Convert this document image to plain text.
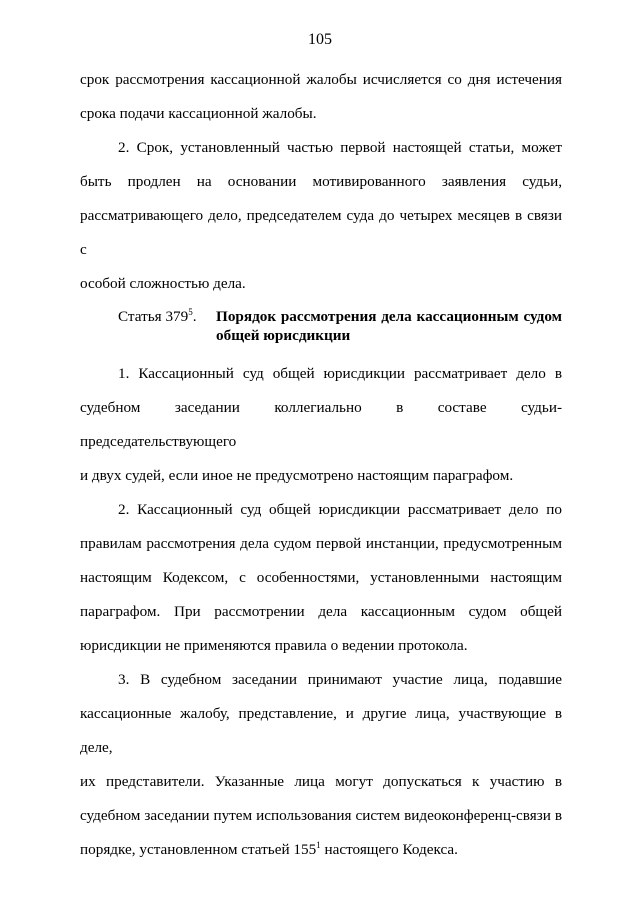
105

срок рассмотрения кассационной жалобы исчисляется со дня истечения
срока подачи кассационной жалобы.

2. Срок, установленный частью первой настоящей статьи, может
быть продлен на основании мотивированного заявления судьи,
рассматривающего дело, председателем суда до четырех месяцев в связи с
особой сложностью дела.

Статья $379^5$.	Порядок рассмотрения дела кассационным судом общей юрисдикции

1. Кассационный суд общей юрисдикции рассматривает дело в
судебном заседании коллегиально в составе судьи-председательствующего
и двух судей, если иное не предусмотрено настоящим параграфом.

2. Кассационный суд общей юрисдикции рассматривает дело по
правилам рассмотрения дела судом первой инстанции, предусмотренным
настоящим Кодексом, с особенностями, установленными настоящим
параграфом. При рассмотрении дела кассационным судом общей
юрисдикции не применяются правила о ведении протокола.

3. В судебном заседании принимают участие лица, подавшие
кассационные жалобу, представление, и другие лица, участвующие в деле,
их представители. Указанные лица могут допускаться к участию в
судебном заседании путем использования систем видеоконференц-связи в
порядке, установленном статьей $155^1$ настоящего Кодекса.
